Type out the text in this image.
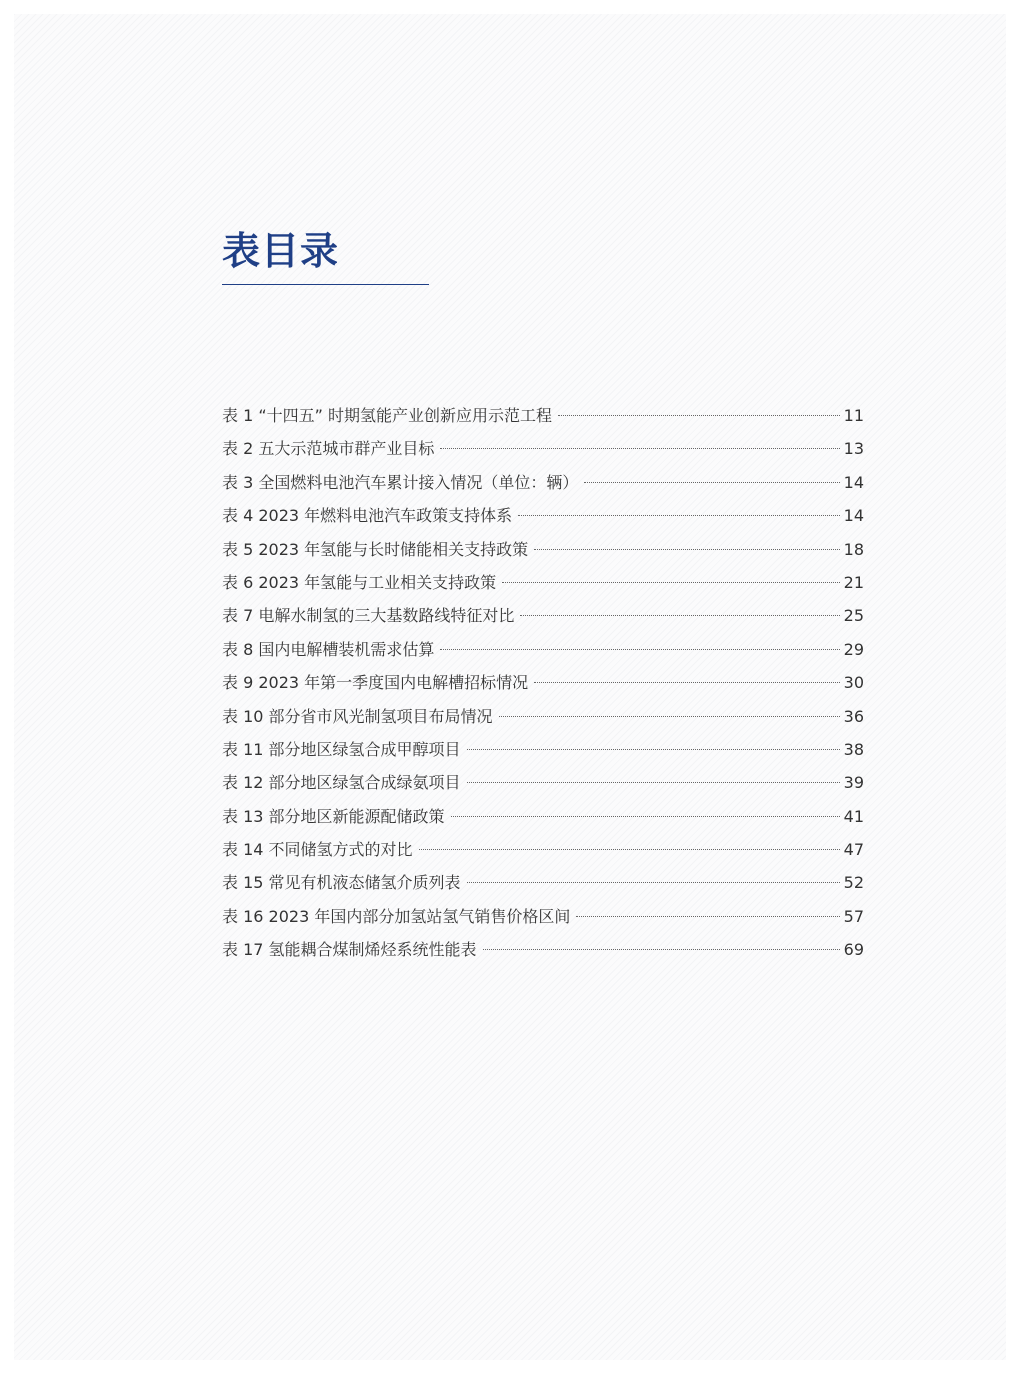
表目录
表 1 “十四五” 时期氢能产业创新应用示范工程	11
表 2 五大示范城市群产业目标	13
表 3 全国燃料电池汽车累计接入情况（单位：辆）	14
表 4 2023 年燃料电池汽车政策支持体系	14
表 5 2023 年氢能与长时储能相关支持政策	18
表 6 2023 年氢能与工业相关支持政策	21
表 7 电解水制氢的三大基数路线特征对比	25
表 8 国内电解槽装机需求估算	29
表 9 2023 年第一季度国内电解槽招标情况	30
表 10 部分省市风光制氢项目布局情况	36
表 11 部分地区绿氢合成甲醇项目	38
表 12 部分地区绿氢合成绿氨项目	39
表 13 部分地区新能源配储政策	41
表 14 不同储氢方式的对比	47
表 15 常见有机液态储氢介质列表	52
表 16 2023 年国内部分加氢站氢气销售价格区间	57
表 17 氢能耦合煤制烯烃系统性能表	69
